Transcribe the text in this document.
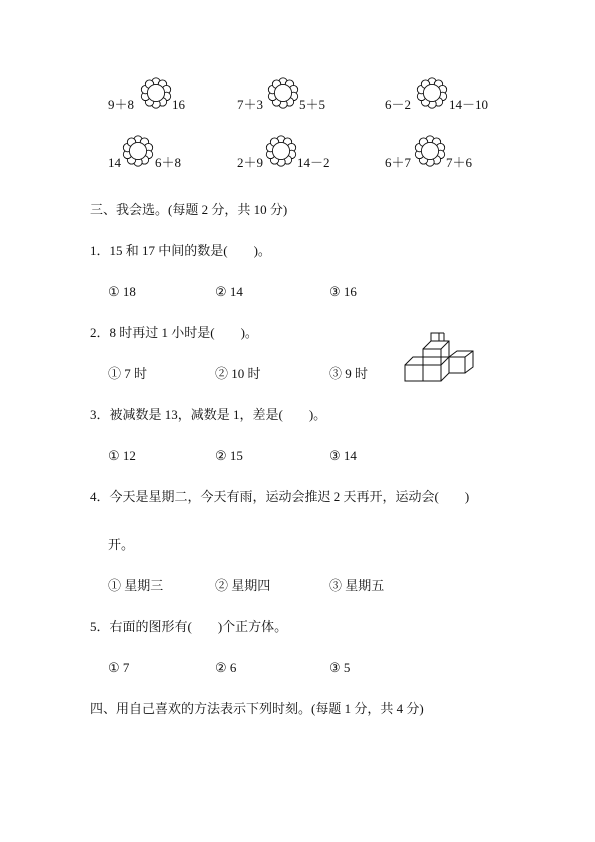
9＋8	16	7＋3	5＋5	6－2	14－10
14	6＋8	2＋9	14－2	6＋7	7＋6
三、我会选。(每题 2 分，共 10 分)
1．15 和 17 中间的数是(　　)。
① 18	② 14	③ 16
2．8 时再过 1 小时是(　　)。
① 7 时	② 10 时	③ 9 时
3．被减数是 13，减数是 1，差是(　　)。
① 12	② 15	③ 14
4．今天是星期二，今天有雨，运动会推迟 2 天再开，运动会(　　)
开。
① 星期三	② 星期四	③ 星期五
5．右面的图形有(　　)个正方体。
① 7	② 6	③ 5
四、用自己喜欢的方法表示下列时刻。(每题 1 分，共 4 分)
